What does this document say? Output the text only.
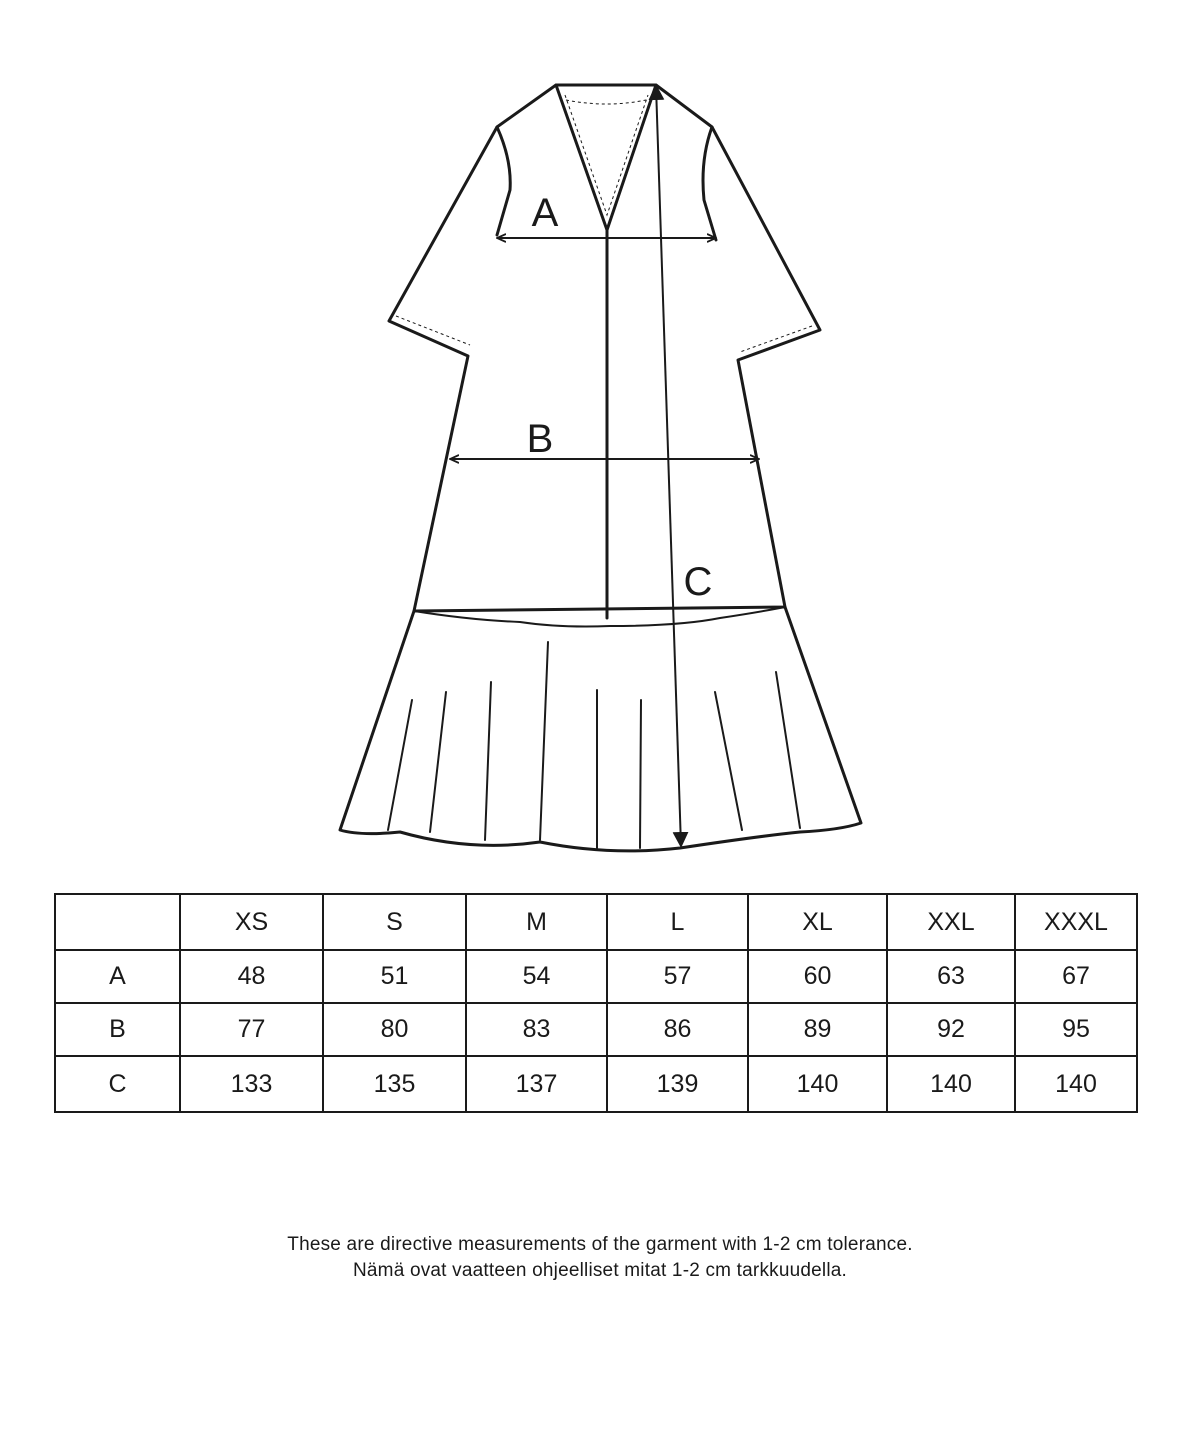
A
B
C
	XS	S	M	L	XL	XXL	XXXL
A	48	51	54	57	60	63	67
B	77	80	83	86	89	92	95
C	133	135	137	139	140	140	140
These are directive measurements of the garment with 1-2 cm tolerance.
Nämä ovat vaatteen ohjeelliset mitat 1-2 cm tarkkuudella.
